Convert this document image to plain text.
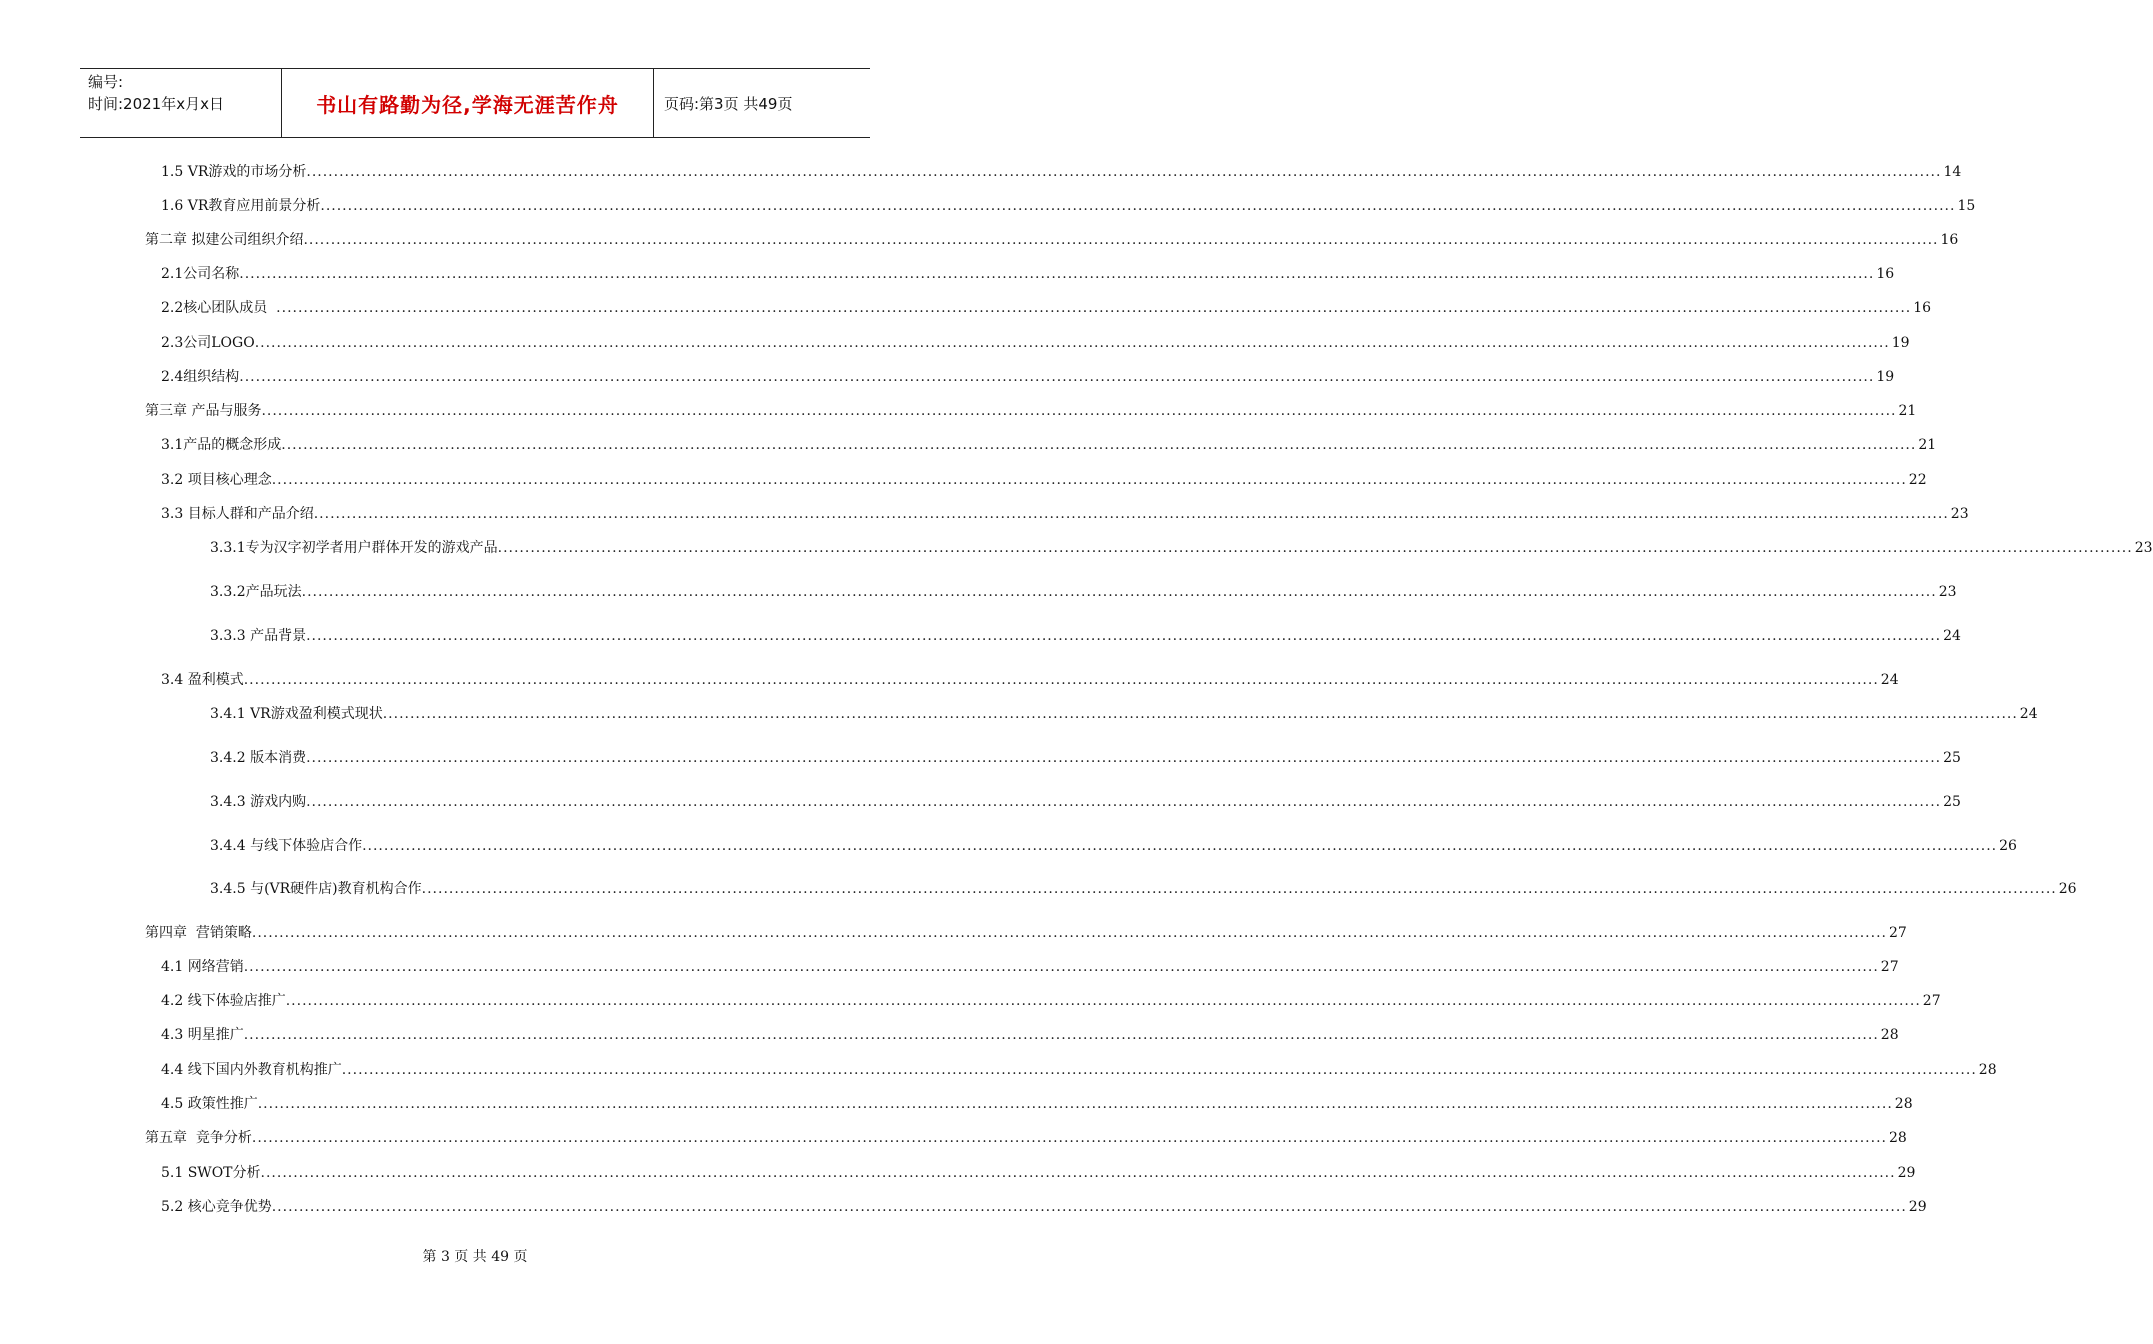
编号:
时间:2021年x月x日	书山有路勤为径,学海无涯苦作舟	页码:第3页 共49页
1.5 VR游戏的市场分析 ............................................................................................................................................................................................................................................................................................................ 14
1.6 VR教育应用前景分析 ............................................................................................................................................................................................................................................................................................................ 15
第二章 拟建公司组织介绍 ............................................................................................................................................................................................................................................................................................................ 16
2.1公司名称 ............................................................................................................................................................................................................................................................................................................ 16
2.2核心团队成员 ............................................................................................................................................................................................................................................................................................................ 16
2.3公司LOGO ............................................................................................................................................................................................................................................................................................................ 19
2.4组织结构 ............................................................................................................................................................................................................................................................................................................ 19
第三章 产品与服务 ............................................................................................................................................................................................................................................................................................................ 21
3.1产品的概念形成 ............................................................................................................................................................................................................................................................................................................ 21
3.2 项目核心理念 ............................................................................................................................................................................................................................................................................................................ 22
3.3 目标人群和产品介绍 ............................................................................................................................................................................................................................................................................................................ 23
3.3.1专为汉字初学者用户群体开发的游戏产品 ............................................................................................................................................................................................................................................................................................................ 23
3.3.2产品玩法 ............................................................................................................................................................................................................................................................................................................ 23
3.3.3 产品背景 ............................................................................................................................................................................................................................................................................................................ 24
3.4 盈利模式 ............................................................................................................................................................................................................................................................................................................ 24
3.4.1 VR游戏盈利模式现状 ............................................................................................................................................................................................................................................................................................................ 24
3.4.2 版本消费 ............................................................................................................................................................................................................................................................................................................ 25
3.4.3 游戏内购 ............................................................................................................................................................................................................................................................................................................ 25
3.4.4 与线下体验店合作 ............................................................................................................................................................................................................................................................................................................ 26
3.4.5 与(VR硬件店)教育机构合作 ............................................................................................................................................................................................................................................................................................................ 26
第四章  营销策略 ............................................................................................................................................................................................................................................................................................................ 27
4.1 网络营销 ............................................................................................................................................................................................................................................................................................................ 27
4.2 线下体验店推广 ............................................................................................................................................................................................................................................................................................................ 27
4.3 明星推广 ............................................................................................................................................................................................................................................................................................................ 28
4.4 线下国内外教育机构推广 ............................................................................................................................................................................................................................................................................................................ 28
4.5 政策性推广 ............................................................................................................................................................................................................................................................................................................ 28
第五章  竞争分析 ............................................................................................................................................................................................................................................................................................................ 28
5.1 SWOT分析 ............................................................................................................................................................................................................................................................................................................ 29
5.2 核心竞争优势 ............................................................................................................................................................................................................................................................................................................ 29
第 3 页 共 49 页
